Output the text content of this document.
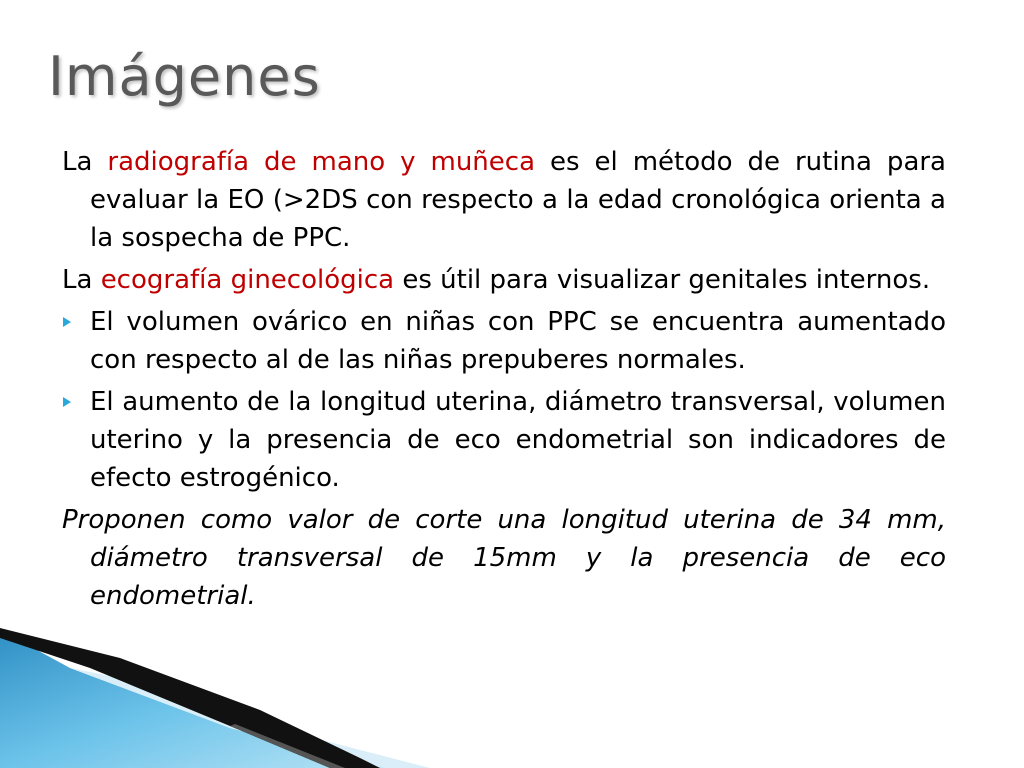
Imágenes

La radiografía de mano y muñeca es el método de rutina para evaluar la EO (>2DS con respecto a la edad cronológica orienta a la sospecha de PPC.

La ecografía ginecológica es útil para visualizar genitales internos.

El volumen ovárico en niñas con PPC se encuentra aumentado con respecto al de las niñas prepuberes normales.

El aumento de la longitud uterina, diámetro transversal, volumen uterino y la presencia de eco endometrial son indicadores de efecto estrogénico.

Proponen como valor de corte una longitud uterina de 34 mm, diámetro transversal de 15mm y la presencia de eco endometrial.
